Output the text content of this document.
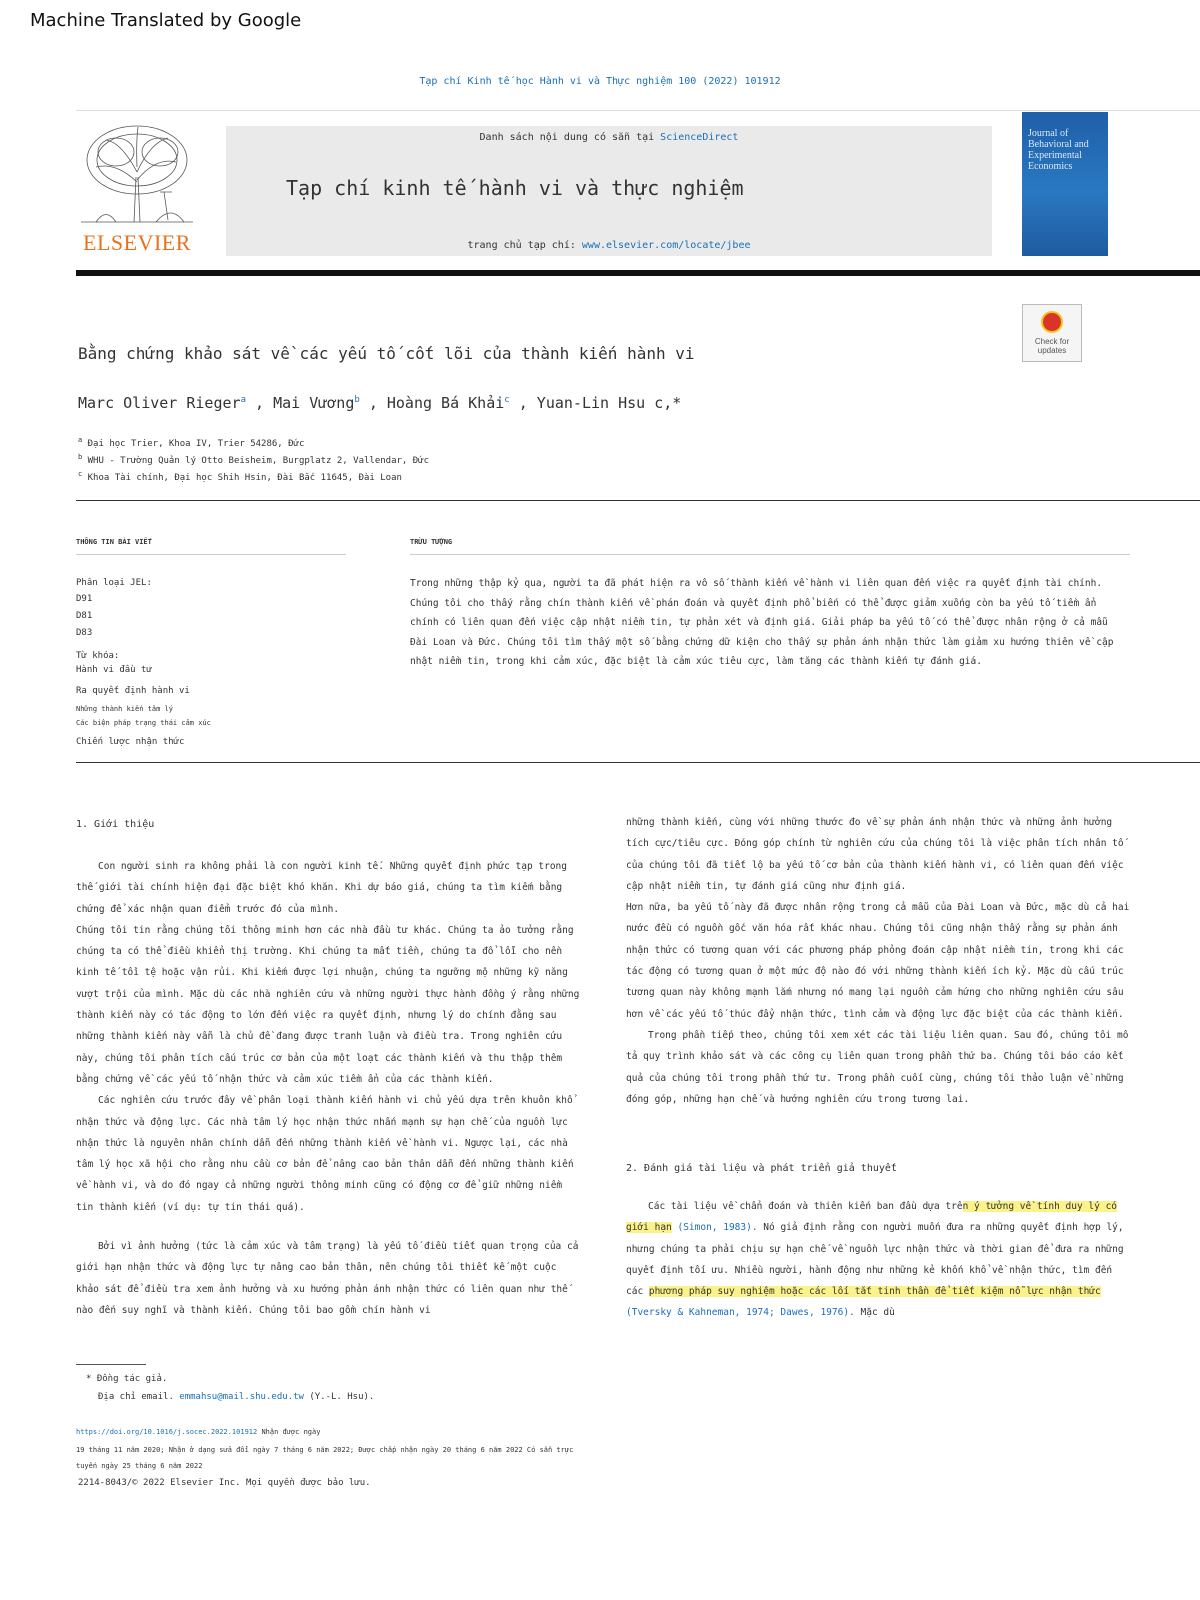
Machine Translated by Google
Tạp chí Kinh tế học Hành vi và Thực nghiệm 100 (2022) 101912
ELSEVIER
Danh sách nội dung có sẵn tại ScienceDirect
Tạp chí kinh tế hành vi và thực nghiệm
trang chủ tạp chí: www.elsevier.com/locate/jbee
Journal of Behavioral and Experimental Economics
Check for updates
Bằng chứng khảo sát về các yếu tố cốt lõi của thành kiến hành vi
Marc Oliver Rieger$^a$ , Mai Vương$^b$ , Hoàng Bá Khải$^c$ , Yuan-Lin Hsu c,*
$^a$ Đại học Trier, Khoa IV, Trier 54286, Đức
$^b$ WHU - Trường Quản lý Otto Beisheim, Burgplatz 2, Vallendar, Đức
$^c$ Khoa Tài chính, Đại học Shih Hsin, Đài Bắc 11645, Đài Loan
THÔNG TIN BÀI VIẾT	TRỪU TƯỢNG
Phân loại JEL:
D91
D81
D83
Từ khóa:
Hành vi đầu tư
Ra quyết định hành vi
Những thành kiến tâm lý
Các biện pháp trạng thái cảm xúc
Chiến lược nhận thức
Trong những thập kỷ qua, người ta đã phát hiện ra vô số thành kiến về hành vi liên quan đến việc ra quyết định tài chính. Chúng tôi cho thấy rằng chín thành kiến về phán đoán và quyết định phổ biến có thể được giảm xuống còn ba yếu tố tiềm ẩn chính có liên quan đến việc cập nhật niềm tin, tự phản xét và định giá. Giải pháp ba yếu tố có thể được nhân rộng ở cả mẫu Đài Loan và Đức. Chúng tôi tìm thấy một số bằng chứng dữ kiện cho thấy sự phản ánh nhận thức làm giảm xu hướng thiên về cập nhật niềm tin, trong khi cảm xúc, đặc biệt là cảm xúc tiêu cực, làm tăng các thành kiến tự đánh giá.
1. Giới thiệu

Con người sinh ra không phải là con người kinh tế. Những quyết định phức tạp trong thế giới tài chính hiện đại đặc biệt khó khăn. Khi dự báo giá, chúng ta tìm kiếm bằng chứng để xác nhận quan điểm trước đó của mình.

Chúng tôi tin rằng chúng tôi thông minh hơn các nhà đầu tư khác. Chúng ta ảo tưởng rằng chúng ta có thể điều khiển thị trường. Khi chúng ta mất tiền, chúng ta đổ lỗi cho nền kinh tế tồi tệ hoặc vận rủi. Khi kiếm được lợi nhuận, chúng ta ngưỡng mộ những kỹ năng vượt trội của mình. Mặc dù các nhà nghiên cứu và những người thực hành đồng ý rằng những thành kiến này có tác động to lớn đến việc ra quyết định, nhưng lý do chính đằng sau những thành kiến này vẫn là chủ đề đang được tranh luận và điều tra. Trong nghiên cứu này, chúng tôi phân tích cấu trúc cơ bản của một loạt các thành kiến và thu thập thêm bằng chứng về các yếu tố nhận thức và cảm xúc tiềm ẩn của các thành kiến.

Các nghiên cứu trước đây về phân loại thành kiến hành vi chủ yếu dựa trên khuôn khổ nhận thức và động lực. Các nhà tâm lý học nhận thức nhấn mạnh sự hạn chế của nguồn lực nhận thức là nguyên nhân chính dẫn đến những thành kiến về hành vi. Ngược lại, các nhà tâm lý học xã hội cho rằng nhu cầu cơ bản để nâng cao bản thân dẫn đến những thành kiến về hành vi, và do đó ngay cả những người thông minh cũng có động cơ để giữ những niềm tin thành kiến (ví dụ: tự tin thái quá).

Bởi vì ảnh hưởng (tức là cảm xúc và tâm trạng) là yếu tố điều tiết quan trọng của cả giới hạn nhận thức và động lực tự nâng cao bản thân, nên chúng tôi thiết kế một cuộc khảo sát để điều tra xem ảnh hưởng và xu hướng phản ánh nhận thức có liên quan như thế nào đến suy nghĩ và thành kiến. Chúng tôi bao gồm chín hành vi

những thành kiến, cùng với những thước đo về sự phản ánh nhận thức và những ảnh hưởng tích cực/tiêu cực. Đóng góp chính từ nghiên cứu của chúng tôi là việc phân tích nhân tố của chúng tôi đã tiết lộ ba yếu tố cơ bản của thành kiến hành vi, có liên quan đến việc cập nhật niềm tin, tự đánh giá cũng như định giá.

Hơn nữa, ba yếu tố này đã được nhân rộng trong cả mẫu của Đài Loan và Đức, mặc dù cả hai nước đều có nguồn gốc văn hóa rất khác nhau. Chúng tôi cũng nhận thấy rằng sự phản ánh nhận thức có tương quan với các phương pháp phỏng đoán cập nhật niềm tin, trong khi các tác động có tương quan ở một mức độ nào đó với những thành kiến ích kỷ. Mặc dù cấu trúc tương quan này không mạnh lắm nhưng nó mang lại nguồn cảm hứng cho những nghiên cứu sâu hơn về các yếu tố thúc đẩy nhận thức, tình cảm và động lực đặc biệt của các thành kiến.

Trong phần tiếp theo, chúng tôi xem xét các tài liệu liên quan. Sau đó, chúng tôi mô tả quy trình khảo sát và các công cụ liên quan trong phần thứ ba. Chúng tôi báo cáo kết quả của chúng tôi trong phần thứ tư. Trong phần cuối cùng, chúng tôi thảo luận về những đóng góp, những hạn chế và hướng nghiên cứu trong tương lai.

2. Đánh giá tài liệu và phát triển giả thuyết

Các tài liệu về chẩn đoán và thiên kiến ban đầu dựa trên ý tưởng về tính duy lý có giới hạn (Simon, 1983). Nó giả định rằng con người muốn đưa ra những quyết định hợp lý, nhưng chúng ta phải chịu sự hạn chế về nguồn lực nhận thức và thời gian để đưa ra những quyết định tối ưu. Nhiều người, hành động như những kẻ khốn khổ về nhận thức, tìm đến các phương pháp suy nghiệm hoặc các lối tắt tinh thần để tiết kiệm nỗ lực nhận thức (Tversky & Kahneman, 1974; Dawes, 1976). Mặc dù

* Đồng tác giả.
Địa chỉ email. emmahsu@mail.shu.edu.tw (Y.-L. Hsu).
https://doi.org/10.1016/j.socec.2022.101912 Nhận được ngày
19 tháng 11 năm 2020; Nhận ở dạng sửa đổi ngày 7 tháng 6 năm 2022; Được chấp nhận ngày 20 tháng 6 năm 2022 Có sẵn trực
tuyến ngày 25 tháng 6 năm 2022
2214-8043/© 2022 Elsevier Inc. Mọi quyền được bảo lưu.
